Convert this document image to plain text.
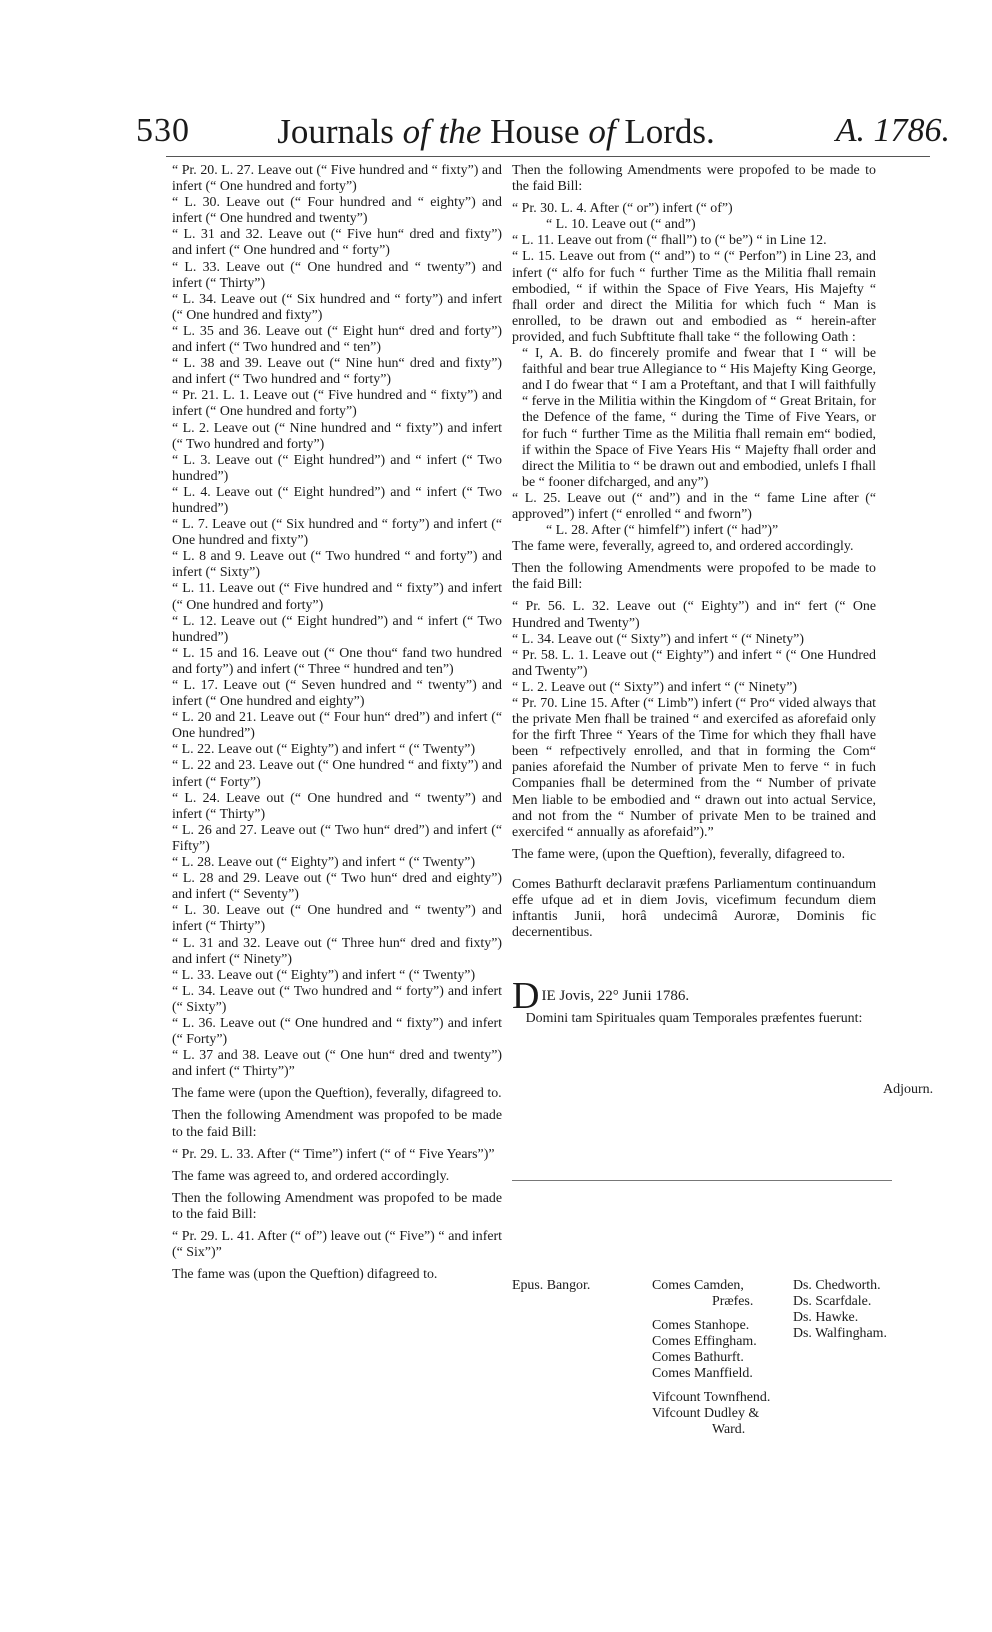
530	Journals of the House of Lords.	A. 1786.

“ Pr. 20. L. 27. Leave out (“ Five hundred and “ fixty”) and infert (“ One hundred and forty”)

“ L. 30. Leave out (“ Four hundred and “ eighty”) and infert (“ One hundred and twenty”)

“ L. 31 and 32. Leave out (“ Five hun“ dred and fixty”) and infert (“ One hundred and “ forty”)

“ L. 33. Leave out (“ One hundred and “ twenty”) and infert (“ Thirty”)

“ L. 34. Leave out (“ Six hundred and “ forty”) and infert (“ One hundred and fixty”)

“ L. 35 and 36. Leave out (“ Eight hun“ dred and forty”) and infert (“ Two hundred and “ ten”)

“ L. 38 and 39. Leave out (“ Nine hun“ dred and fixty”) and infert (“ Two hundred and “ forty”)

“ Pr. 21. L. 1. Leave out (“ Five hundred and “ fixty”) and infert (“ One hundred and forty”)

“ L. 2. Leave out (“ Nine hundred and “ fixty”) and infert (“ Two hundred and forty”)

“ L. 3. Leave out (“ Eight hundred”) and “ infert (“ Two hundred”)

“ L. 4. Leave out (“ Eight hundred”) and “ infert (“ Two hundred”)

“ L. 7. Leave out (“ Six hundred and “ forty”) and infert (“ One hundred and fixty”)

“ L. 8 and 9. Leave out (“ Two hundred “ and forty”) and infert (“ Sixty”)

“ L. 11. Leave out (“ Five hundred and “ fixty”) and infert (“ One hundred and forty”)

“ L. 12. Leave out (“ Eight hundred”) and “ infert (“ Two hundred”)

“ L. 15 and 16. Leave out (“ One thou“ fand two hundred and forty”) and infert (“ Three “ hundred and ten”)

“ L. 17. Leave out (“ Seven hundred and “ twenty”) and infert (“ One hundred and eighty”)

“ L. 20 and 21. Leave out (“ Four hun“ dred”) and infert (“ One hundred”)

“ L. 22. Leave out (“ Eighty”) and infert “ (“ Twenty”)

“ L. 22 and 23. Leave out (“ One hundred “ and fixty”) and infert (“ Forty”)

“ L. 24. Leave out (“ One hundred and “ twenty”) and infert (“ Thirty”)

“ L. 26 and 27. Leave out (“ Two hun“ dred”) and infert (“ Fifty”)

“ L. 28. Leave out (“ Eighty”) and infert “ (“ Twenty”)

“ L. 28 and 29. Leave out (“ Two hun“ dred and eighty”) and infert (“ Seventy”)

“ L. 30. Leave out (“ One hundred and “ twenty”) and infert (“ Thirty”)

“ L. 31 and 32. Leave out (“ Three hun“ dred and fixty”) and infert (“ Ninety”)

“ L. 33. Leave out (“ Eighty”) and infert “ (“ Twenty”)

“ L. 34. Leave out (“ Two hundred and “ forty”) and infert (“ Sixty”)

“ L. 36. Leave out (“ One hundred and “ fixty”) and infert (“ Forty”)

“ L. 37 and 38. Leave out (“ One hun“ dred and twenty”) and infert (“ Thirty”)”

The fame were (upon the Queftion), feverally, difagreed to.

Then the following Amendment was propofed to be made to the faid Bill:

“ Pr. 29. L. 33. After (“ Time”) infert (“ of “ Five Years”)”

The fame was agreed to, and ordered accordingly.

Then the following Amendment was propofed to be made to the faid Bill:

“ Pr. 29. L. 41. After (“ of”) leave out (“ Five”) “ and infert (“ Six”)”

The fame was (upon the Queftion) difagreed to.

Then the following Amendments were propofed to be made to the faid Bill:

“ Pr. 30. L. 4. After (“ or”) infert (“ of”)

“ L. 10. Leave out (“ and”)

“ L. 11. Leave out from (“ fhall”) to (“ be”) “ in Line 12.

“ L. 15. Leave out from (“ and”) to “ (“ Perfon”) in Line 23, and infert (“ alfo for fuch “ further Time as the Militia fhall remain embodied, “ if within the Space of Five Years, His Majefty “ fhall order and direct the Militia for which fuch “ Man is enrolled, to be drawn out and embodied as “ herein-after provided, and fuch Subftitute fhall take “ the following Oath :

“ I, A. B. do fincerely promife and fwear that I “ will be faithful and bear true Allegiance to “ His Majefty King George, and I do fwear that “ I am a Proteftant, and that I will faithfully “ ferve in the Militia within the Kingdom of “ Great Britain, for the Defence of the fame, “ during the Time of Five Years, or for fuch “ further Time as the Militia fhall remain em“ bodied, if within the Space of Five Years His “ Majefty fhall order and direct the Militia to “ be drawn out and embodied, unlefs I fhall be “ fooner difcharged, and any”)

“ L. 25. Leave out (“ and”) and in the “ fame Line after (“ approved”) infert (“ enrolled “ and fworn”)

“ L. 28. After (“ himfelf”) infert (“ had”)”

The fame were, feverally, agreed to, and ordered accordingly.

Then the following Amendments were propofed to be made to the faid Bill:

“ Pr. 56. L. 32. Leave out (“ Eighty”) and in“ fert (“ One Hundred and Twenty”)

“ L. 34. Leave out (“ Sixty”) and infert “ (“ Ninety”)

“ Pr. 58. L. 1. Leave out (“ Eighty”) and infert “ (“ One Hundred and Twenty”)

“ L. 2. Leave out (“ Sixty”) and infert “ (“ Ninety”)

“ Pr. 70. Line 15. After (“ Limb”) infert (“ Pro“ vided always that the private Men fhall be trained “ and exercifed as aforefaid only for the firft Three “ Years of the Time for which they fhall have been “ refpectively enrolled, and that in forming the Com“ panies aforefaid the Number of private Men to ferve “ in fuch Companies fhall be determined from the “ Number of private Men liable to be embodied and “ drawn out into actual Service, and not from the “ Number of private Men to be trained and exercifed “ annually as aforefaid”).”

The fame were, (upon the Queftion), feverally, difagreed to.

Comes Bathurft declaravit præfens Parliamentum continuandum effe ufque ad et in diem Jovis, vicefimum fecundum diem inftantis Junii, horâ undecimâ Auroræ, Dominis fic decernentibus.

D IE Jovis, 22° Junii 1786.

Domini tam Spirituales quam Temporales præfentes fuerunt:

Adjourn.
Epus. Bangor.	Comes Camden,
Præfes.
Comes Stanhope.
Comes Effingham.
Comes Bathurft.
Comes Manffield.
Vifcount Townfhend.
Vifcount Dudley &
Ward.
Ds. Chedworth.
Ds. Scarfdale.
Ds. Hawke.
Ds. Walfingham.
